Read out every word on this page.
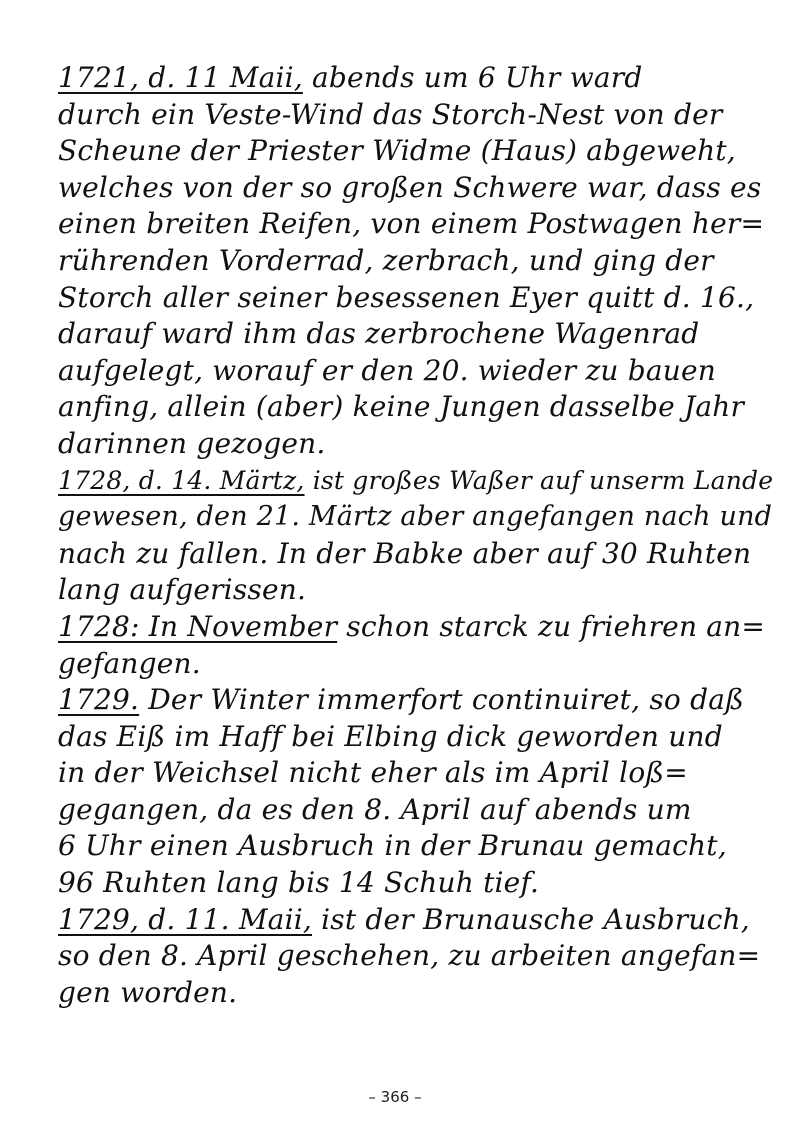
1721, d. 11 Maii, abends um 6 Uhr ward
durch ein Veste-Wind das Storch-Nest von der
Scheune der Priester Widme (Haus) abgeweht,
welches von der so großen Schwere war, dass es
einen breiten Reifen, von einem Postwagen her=
rührenden Vorderrad, zerbrach, und ging der
Storch aller seiner besessenen Eyer quitt d. 16.,
darauf ward ihm das zerbrochene Wagenrad
aufgelegt, worauf er den 20. wieder zu bauen
anfing, allein (aber) keine Jungen dasselbe Jahr
darinnen gezogen.
1728, d. 14. Märtz, ist großes Waßer auf unserm Lande
gewesen, den 21. Märtz aber angefangen nach und
nach zu fallen. In der Babke aber auf 30 Ruhten
lang aufgerissen.
1728: In November schon starck zu friehren an=
gefangen.
1729. Der Winter immerfort continuiret, so daß
das Eiß im Haff bei Elbing dick geworden und
in der Weichsel nicht eher als im April loß=
gegangen, da es den 8. April auf abends um
6 Uhr einen Ausbruch in der Brunau gemacht,
96 Ruhten lang bis 14 Schuh tief.
1729, d. 11. Maii, ist der Brunausche Ausbruch,
so den 8. April geschehen, zu arbeiten angefan=
gen worden.
– 366 –
